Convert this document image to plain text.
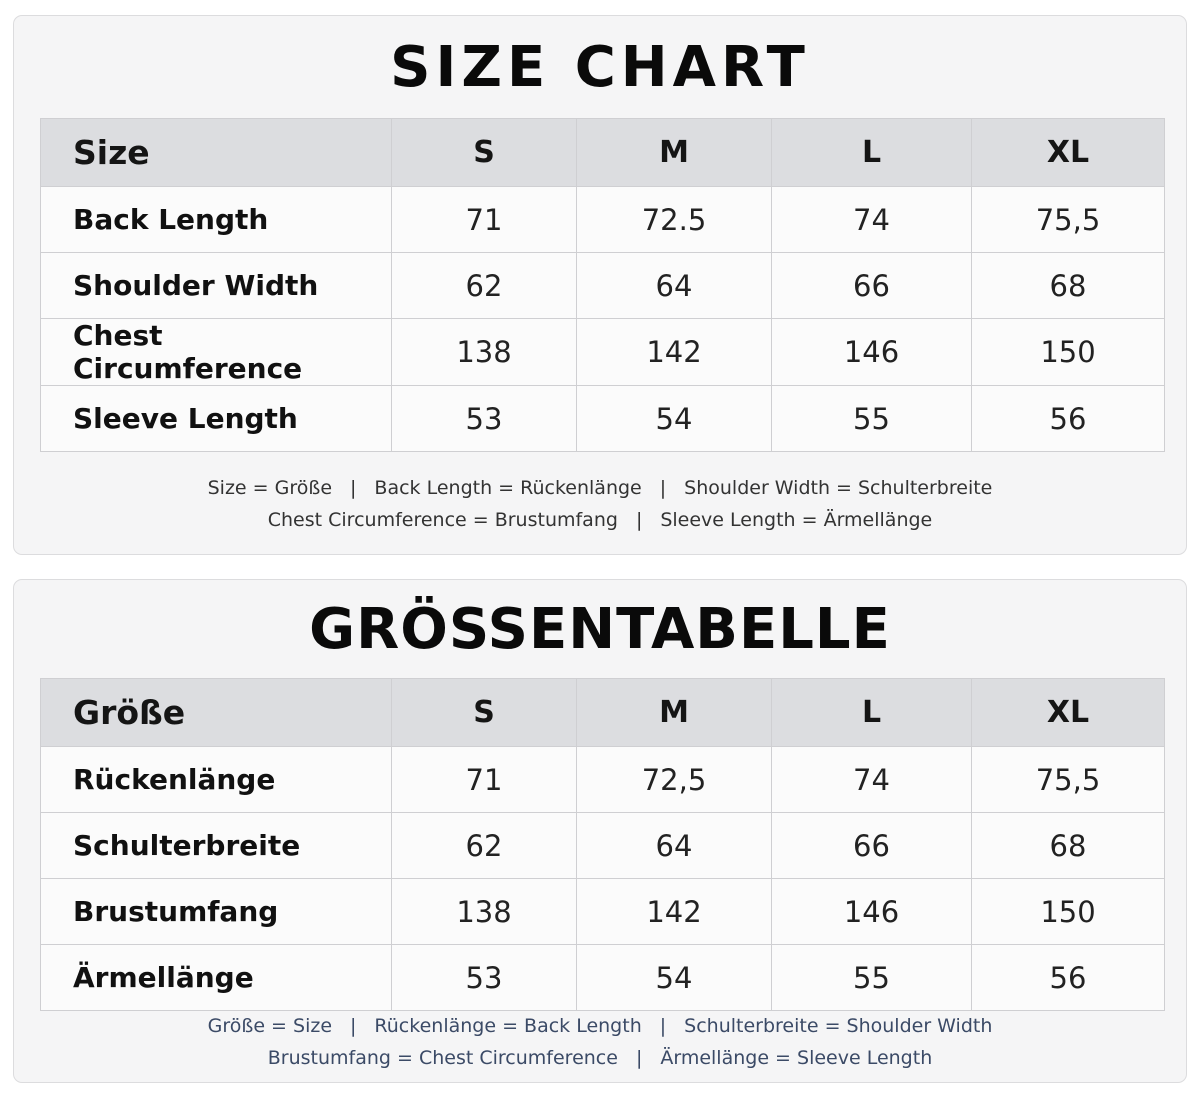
SIZE CHART
Size	S	M	L	XL
Back Length	71	72.5	74	75,5
Shoulder Width	62	64	66	68
Chest Circumference	138	142	146	150
Sleeve Length	53	54	55	56
Size = Größe | Back Length = Rückenlänge | Shoulder Width = Schulterbreite
Chest Circumference = Brustumfang | Sleeve Length = Ärmellänge
GRÖSSENTABELLE
Größe	S	M	L	XL
Rückenlänge	71	72,5	74	75,5
Schulterbreite	62	64	66	68
Brustumfang	138	142	146	150
Ärmellänge	53	54	55	56
Größe = Size | Rückenlänge = Back Length | Schulterbreite = Shoulder Width
Brustumfang = Chest Circumference | Ärmellänge = Sleeve Length
